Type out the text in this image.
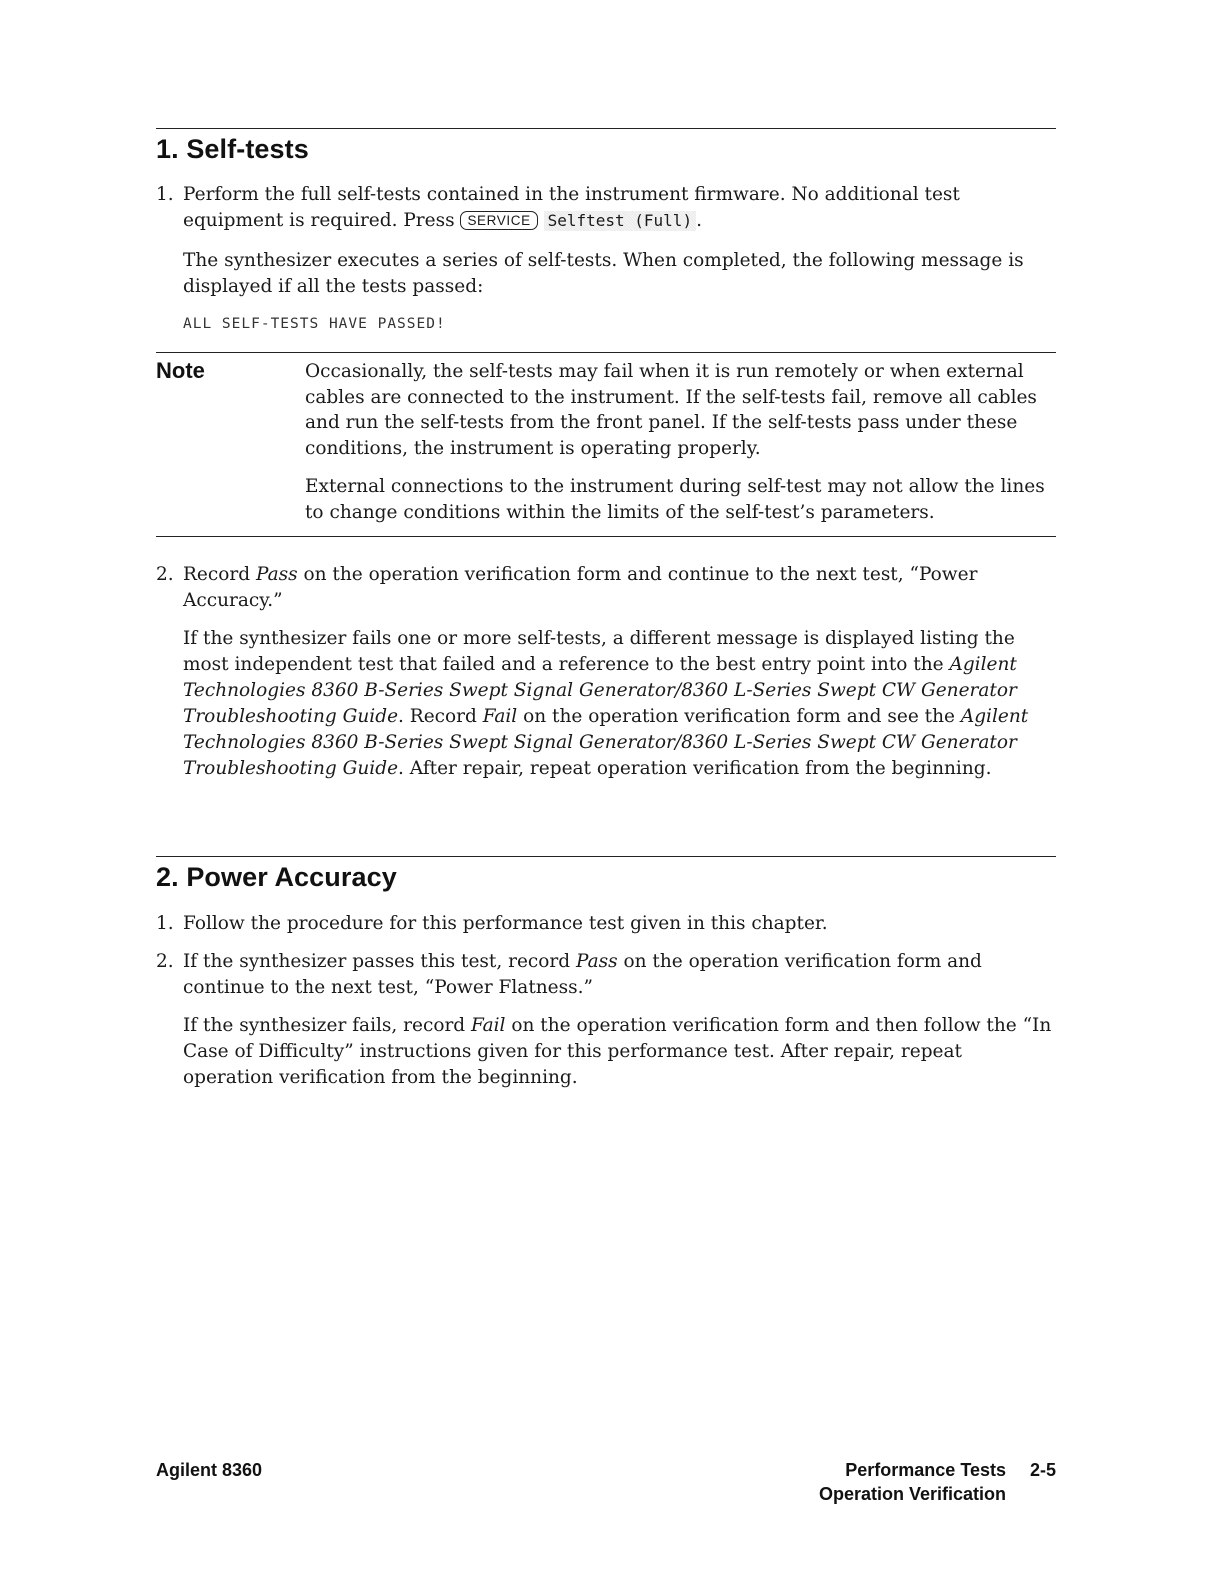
1. Self-tests
1. Perform the full self-tests contained in the instrument firmware. No additional test equipment is required. Press SERVICE Selftest (Full) .

The synthesizer executes a series of self-tests. When completed, the following message is displayed if all the tests passed:

ALL SELF-TESTS HAVE PASSED!
Note	Occasionally, the self-tests may fail when it is run remotely or when external cables are connected to the instrument. If the self-tests fail, remove all cables and run the self-tests from the front panel. If the self-tests pass under these conditions, the instrument is operating properly.

External connections to the instrument during self-test may not allow the lines to change conditions within the limits of the self-test’s parameters.

2. Record Pass on the operation verification form and continue to the next test, “Power Accuracy.”

If the synthesizer fails one or more self-tests, a different message is displayed listing the most independent test that failed and a reference to the best entry point into the Agilent Technologies 8360 B-Series Swept Signal Generator/8360 L-Series Swept CW Generator Troubleshooting Guide. Record Fail on the operation verification form and see the Agilent Technologies 8360 B-Series Swept Signal Generator/8360 L-Series Swept CW Generator Troubleshooting Guide. After repair, repeat operation verification from the beginning.

2. Power Accuracy
1. Follow the procedure for this performance test given in this chapter.

2. If the synthesizer passes this test, record Pass on the operation verification form and continue to the next test, “Power Flatness.”

If the synthesizer fails, record Fail on the operation verification form and then follow the “In Case of Difficulty” instructions given for this performance test. After repair, repeat operation verification from the beginning.

Agilent 8360	Performance Tests 2-5
Operation Verification
